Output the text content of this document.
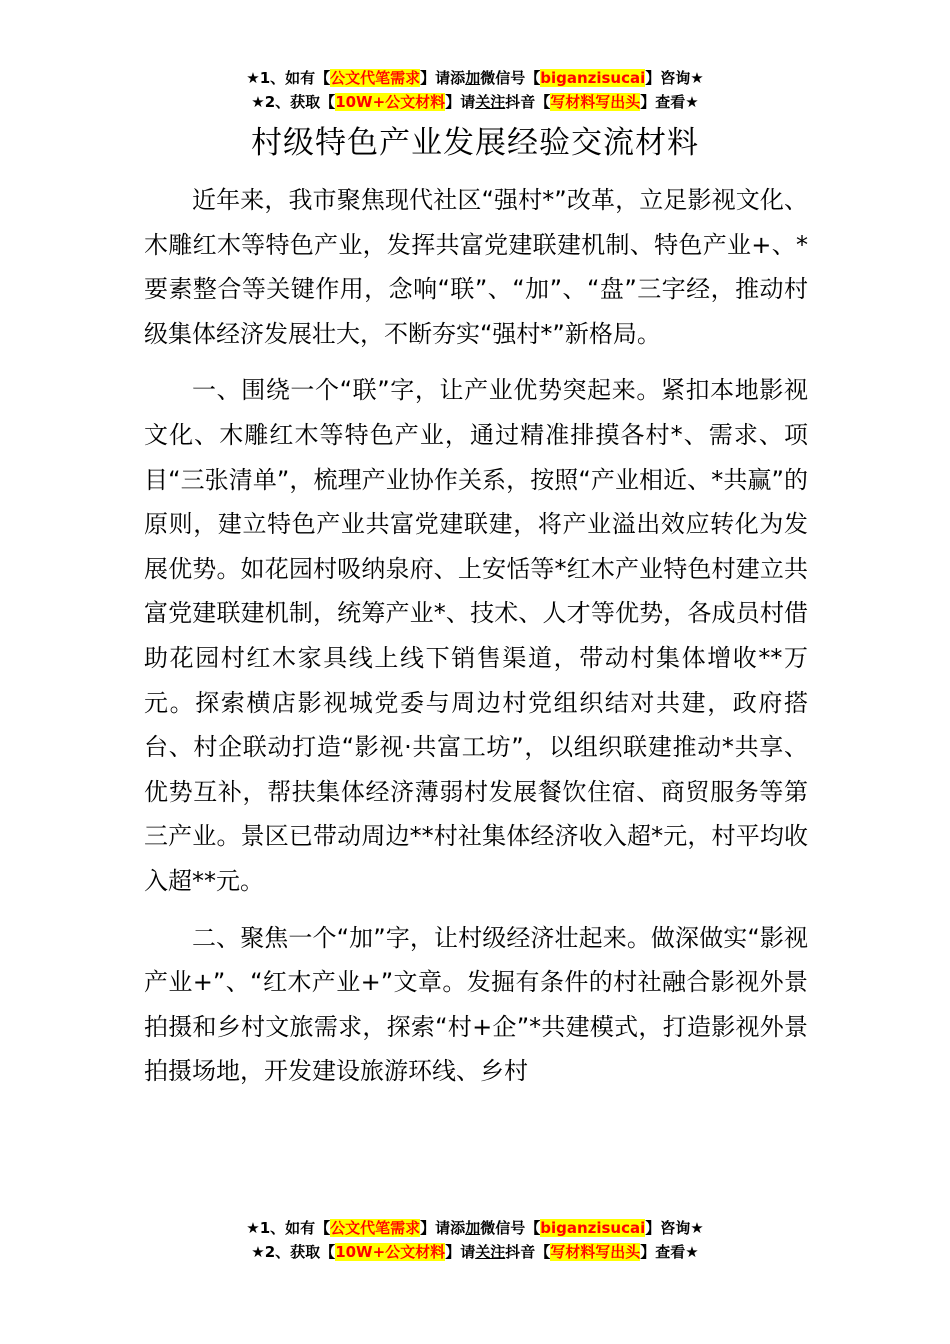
★1、如有【公文代笔需求】请添加微信号【biganzisucai】咨询★
★2、获取【10W+公文材料】请关注抖音【写材料写出头】查看★
村级特色产业发展经验交流材料

近年来，我市聚焦现代社区“强村*”改革，立足影视文化、木雕红木等特色产业，发挥共富党建联建机制、特色产业+、*要素整合等关键作用，念响“联”、“加”、“盘”三字经，推动村级集体经济发展壮大，不断夯实“强村*”新格局。

一、围绕一个“联”字，让产业优势突起来。紧扣本地影视文化、木雕红木等特色产业，通过精准排摸各村*、需求、项目“三张清单”，梳理产业协作关系，按照“产业相近、*共赢”的原则，建立特色产业共富党建联建，将产业溢出效应转化为发展优势。如花园村吸纳泉府、上安恬等*红木产业特色村建立共富党建联建机制，统筹产业*、技术、人才等优势，各成员村借助花园村红木家具线上线下销售渠道，带动村集体增收**万元。探索横店影视城党委与周边村党组织结对共建，政府搭台、村企联动打造“影视·共富工坊”，以组织联建推动*共享、优势互补，帮扶集体经济薄弱村发展餐饮住宿、商贸服务等第三产业。景区已带动周边**村社集体经济收入超*元，村平均收入超**元。

二、聚焦一个“加”字，让村级经济壮起来。做深做实“影视产业+”、“红木产业+”文章。发掘有条件的村社融合影视外景拍摄和乡村文旅需求，探索“村+企”*共建模式，打造影视外景拍摄场地，开发建设旅游环线、乡村

★1、如有【公文代笔需求】请添加微信号【biganzisucai】咨询★
★2、获取【10W+公文材料】请关注抖音【写材料写出头】查看★
